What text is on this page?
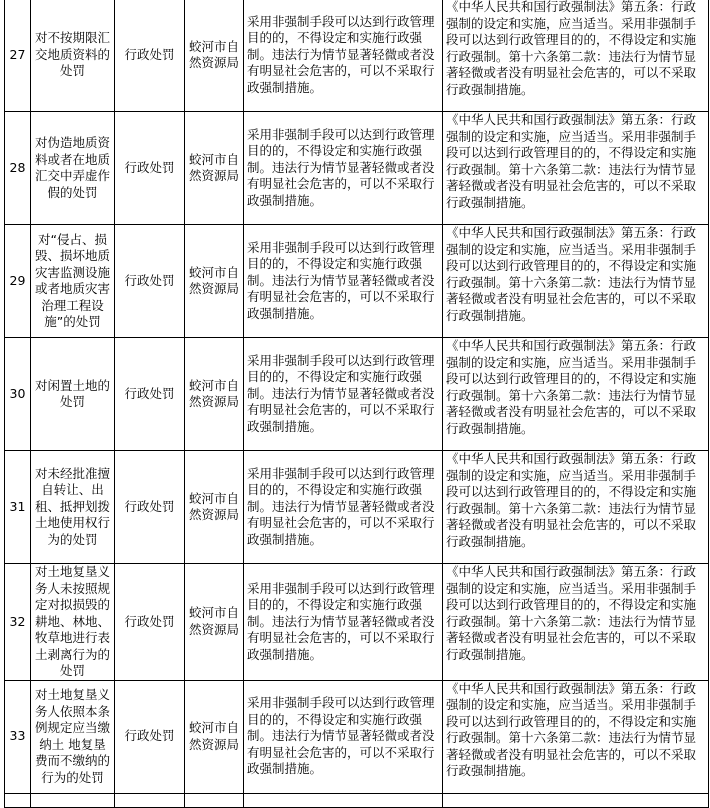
27	对不按期限汇交地质资料的处罚	行政处罚	蛟河市自然资源局	采用非强制手段可以达到行政管理目的的，不得设定和实施行政强制。违法行为情节显著轻微或者没有明显社会危害的，可以不采取行政强制措施。	《中华人民共和国行政强制法》第五条：行政强制的设定和实施，应当适当。采用非强制手段可以达到行政管理目的的，不得设定和实施行政强制。第十六条第二款：违法行为情节显著轻微或者没有明显社会危害的，可以不采取行政强制措施。
28	对伪造地质资料或者在地质汇交中弄虚作假的处罚	行政处罚	蛟河市自然资源局	采用非强制手段可以达到行政管理目的的，不得设定和实施行政强制。违法行为情节显著轻微或者没有明显社会危害的，可以不采取行政强制措施。	《中华人民共和国行政强制法》第五条：行政强制的设定和实施，应当适当。采用非强制手段可以达到行政管理目的的，不得设定和实施行政强制。第十六条第二款：违法行为情节显著轻微或者没有明显社会危害的，可以不采取行政强制措施。
29	对“侵占、损毁、损坏地质灾害监测设施或者地质灾害治理工程设施”的处罚	行政处罚	蛟河市自然资源局	采用非强制手段可以达到行政管理目的的，不得设定和实施行政强制。违法行为情节显著轻微或者没有明显社会危害的，可以不采取行政强制措施。	《中华人民共和国行政强制法》第五条：行政强制的设定和实施，应当适当。采用非强制手段可以达到行政管理目的的，不得设定和实施行政强制。第十六条第二款：违法行为情节显著轻微或者没有明显社会危害的，可以不采取行政强制措施。
30	对闲置土地的处罚	行政处罚	蛟河市自然资源局	采用非强制手段可以达到行政管理目的的，不得设定和实施行政强制。违法行为情节显著轻微或者没有明显社会危害的，可以不采取行政强制措施。	《中华人民共和国行政强制法》第五条：行政强制的设定和实施，应当适当。采用非强制手段可以达到行政管理目的的，不得设定和实施行政强制。第十六条第二款：违法行为情节显著轻微或者没有明显社会危害的，可以不采取行政强制措施。
31	对未经批准擅自转让、出租、抵押划拨土地使用权行为的处罚	行政处罚	蛟河市自然资源局	采用非强制手段可以达到行政管理目的的，不得设定和实施行政强制。违法行为情节显著轻微或者没有明显社会危害的，可以不采取行政强制措施。	《中华人民共和国行政强制法》第五条：行政强制的设定和实施，应当适当。采用非强制手段可以达到行政管理目的的，不得设定和实施行政强制。第十六条第二款：违法行为情节显著轻微或者没有明显社会危害的，可以不采取行政强制措施。
32	对土地复垦义务人未按照规定对拟损毁的耕地、林地、牧草地进行表土剥离行为的处罚	行政处罚	蛟河市自然资源局	采用非强制手段可以达到行政管理目的的，不得设定和实施行政强制。违法行为情节显著轻微或者没有明显社会危害的，可以不采取行政强制措施。	《中华人民共和国行政强制法》第五条：行政强制的设定和实施，应当适当。采用非强制手段可以达到行政管理目的的，不得设定和实施行政强制。第十六条第二款：违法行为情节显著轻微或者没有明显社会危害的，可以不采取行政强制措施。
33	对土地复垦义务人依照本条例规定应当缴纳土 地复垦费而不缴纳的行为的处罚	行政处罚	蛟河市自然资源局	采用非强制手段可以达到行政管理目的的，不得设定和实施行政强制。违法行为情节显著轻微或者没有明显社会危害的，可以不采取行政强制措施。	《中华人民共和国行政强制法》第五条：行政强制的设定和实施，应当适当。采用非强制手段可以达到行政管理目的的，不得设定和实施行政强制。第十六条第二款：违法行为情节显著轻微或者没有明显社会危害的，可以不采取行政强制措施。
